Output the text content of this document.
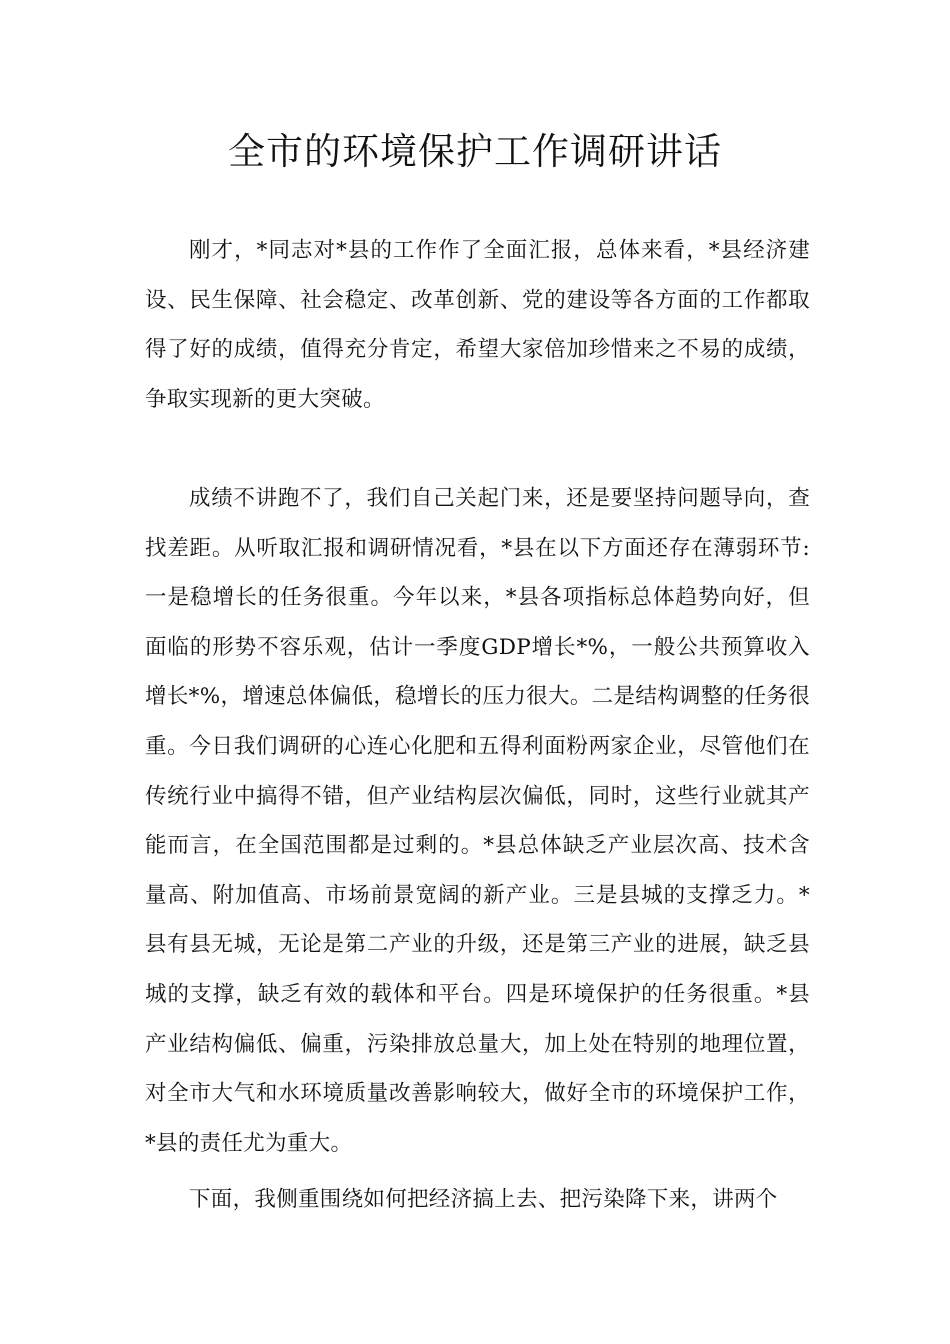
全市的环境保护工作调研讲话

刚才，*同志对*县的工作作了全面汇报，总体来看，*县经济建设、民生保障、社会稳定、改革创新、党的建设等各方面的工作都取得了好的成绩，值得充分肯定，希望大家倍加珍惜来之不易的成绩，争取实现新的更大突破。

成绩不讲跑不了，我们自己关起门来，还是要坚持问题导向，查找差距。从听取汇报和调研情况看，*县在以下方面还存在薄弱环节:一是稳增长的任务很重。今年以来，*县各项指标总体趋势向好，但面临的形势不容乐观，估计一季度GDP增长*%，一般公共预算收入增长*%，增速总体偏低，稳增长的压力很大。二是结构调整的任务很重。今日我们调研的心连心化肥和五得利面粉两家企业，尽管他们在传统行业中搞得不错，但产业结构层次偏低，同时，这些行业就其产能而言，在全国范围都是过剩的。*县总体缺乏产业层次高、技术含量高、附加值高、市场前景宽阔的新产业。三是县城的支撑乏力。*县有县无城，无论是第二产业的升级，还是第三产业的进展，缺乏县城的支撑，缺乏有效的载体和平台。四是环境保护的任务很重。*县产业结构偏低、偏重，污染排放总量大，加上处在特别的地理位置，对全市大气和水环境质量改善影响较大，做好全市的环境保护工作，*县的责任尤为重大。

下面，我侧重围绕如何把经济搞上去、把污染降下来，讲两个
